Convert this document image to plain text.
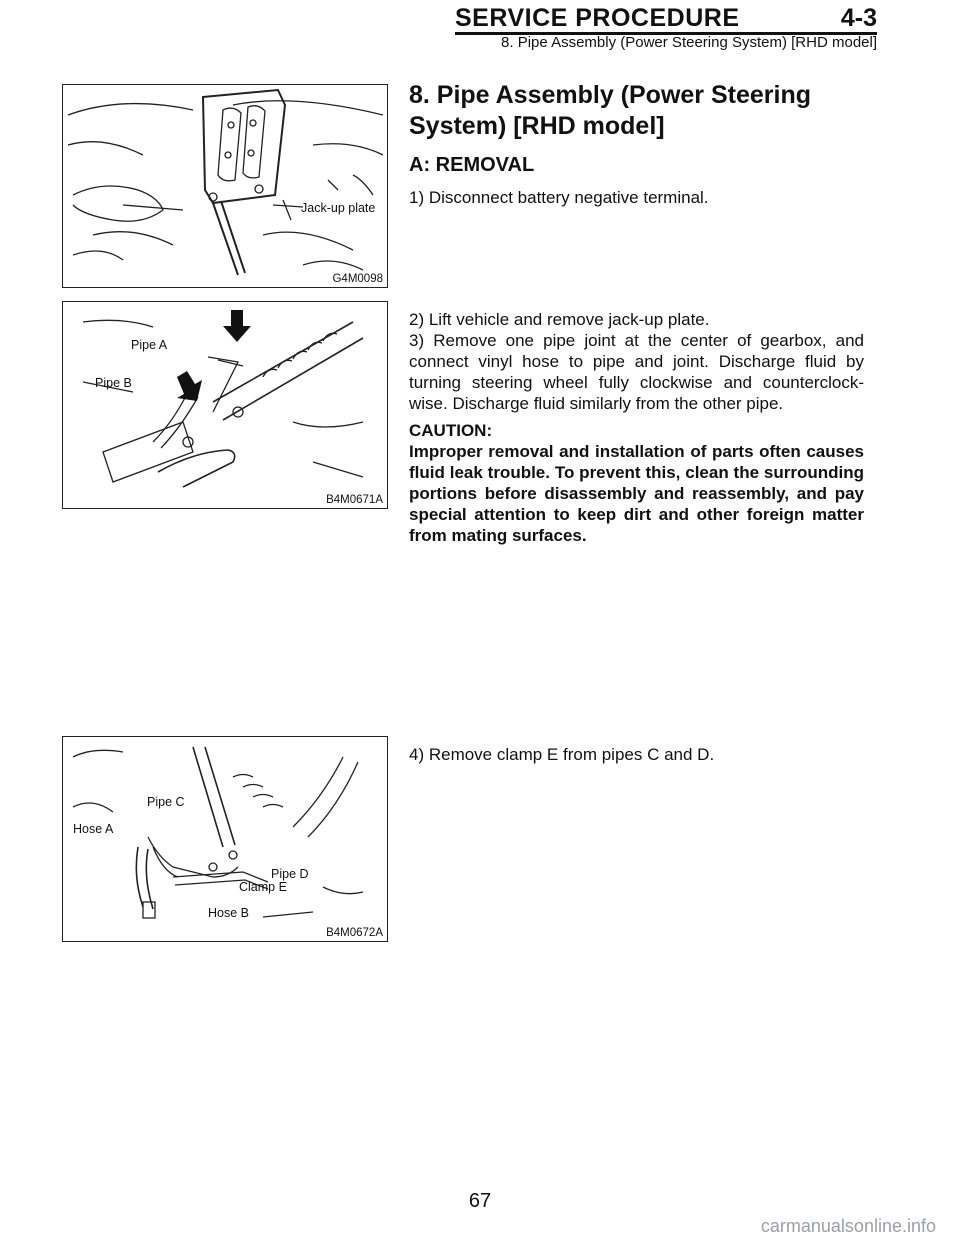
SERVICE PROCEDURE	4-3
8. Pipe Assembly (Power Steering System) [RHD model]
Jack-up plate
G4M0098
Pipe A
Pipe B
B4M0671A
Pipe C
Hose A
Pipe D
Clamp E
Hose B
B4M0672A
8. Pipe Assembly (Power Steering System) [RHD model]
A: REMOVAL

1) Disconnect battery negative terminal.

2) Lift vehicle and remove jack-up plate.

3) Remove one pipe joint at the center of gearbox, and connect vinyl hose to pipe and joint. Discharge fluid by turning steering wheel fully clockwise and counterclock-wise. Discharge fluid similarly from the other pipe.

CAUTION:

Improper removal and installation of parts often causes fluid leak trouble. To prevent this, clean the surrounding portions before disassembly and reassembly, and pay special attention to keep dirt and other foreign matter from mating surfaces.

4) Remove clamp E from pipes C and D.

67
carmanualsonline.info
